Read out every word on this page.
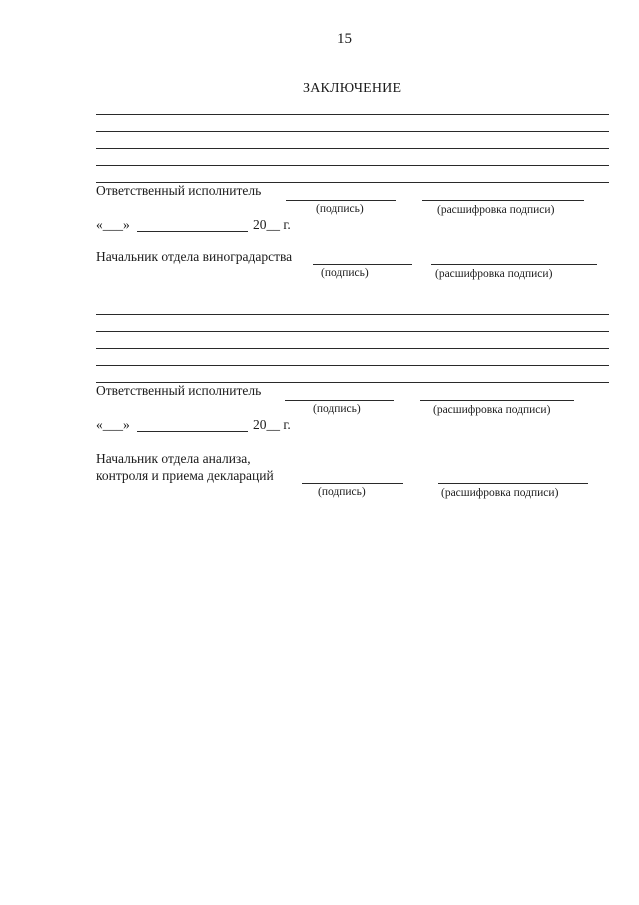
15
ЗАКЛЮЧЕНИЕ
Ответственный исполнитель
(подпись)	(расшифровка подписи)
«___»	20__ г.
Начальник отдела виноградарства
(подпись)	(расшифровка подписи)
Ответственный исполнитель
(подпись)	(расшифровка подписи)
«___»	20__ г.
Начальник отдела анализа,
контроля и приема деклараций
(подпись)	(расшифровка подписи)
